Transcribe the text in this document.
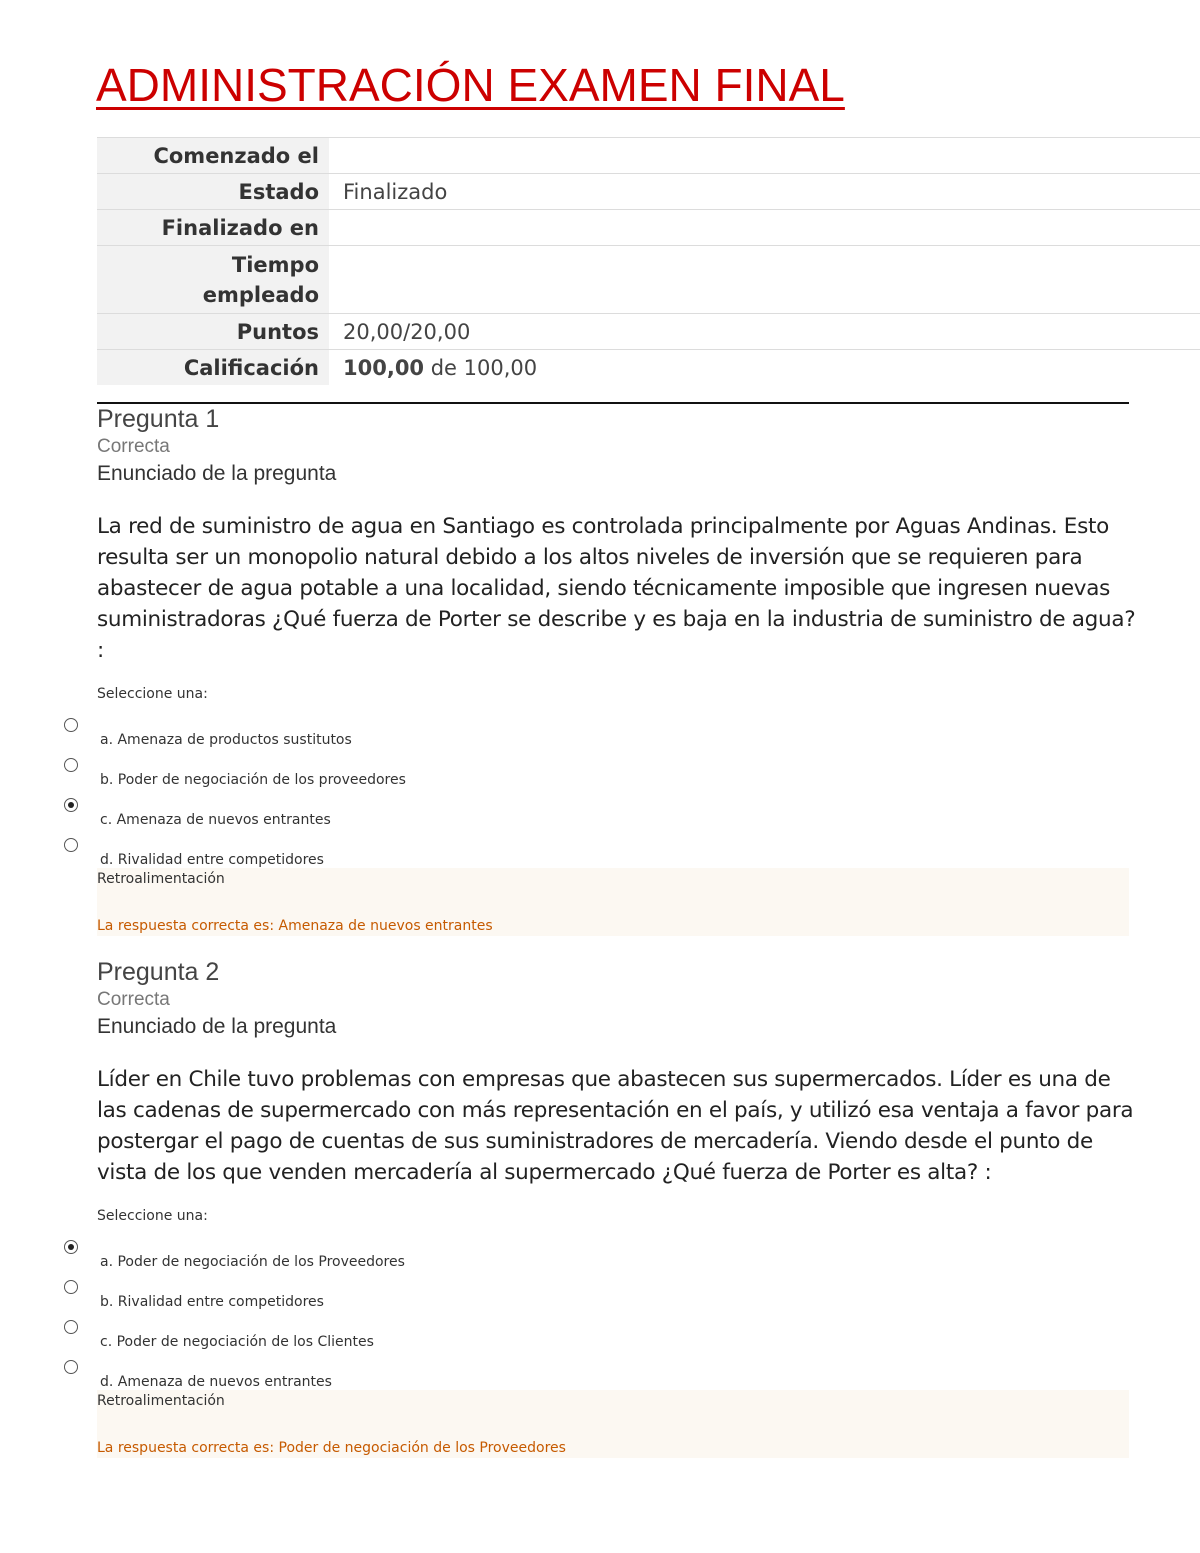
ADMINISTRACIÓN EXAMEN FINAL
Comenzado el	
Estado	Finalizado
Finalizado en	
Tiempo
empleado	
Puntos	20,00/20,00
Calificación	100,00 de 100,00
Pregunta 1
Correcta
Enunciado de la pregunta
La red de suministro de agua en Santiago es controlada principalmente por Aguas Andinas. Esto resulta ser un monopolio natural debido a los altos niveles de inversión que se requieren para abastecer de agua potable a una localidad, siendo técnicamente imposible que ingresen nuevas suministradoras ¿Qué fuerza de Porter se describe y es baja en la industria de suministro de agua? :
Seleccione una:
a. Amenaza de productos sustitutos
b. Poder de negociación de los proveedores
c. Amenaza de nuevos entrantes
d. Rivalidad entre competidores
Retroalimentación
La respuesta correcta es: Amenaza de nuevos entrantes
Pregunta 2
Correcta
Enunciado de la pregunta
Líder en Chile tuvo problemas con empresas que abastecen sus supermercados. Líder es una de las cadenas de supermercado con más representación en el país, y utilizó esa ventaja a favor para postergar el pago de cuentas de sus suministradores de mercadería. Viendo desde el punto de vista de los que venden mercadería al supermercado ¿Qué fuerza de Porter es alta? :
Seleccione una:
a. Poder de negociación de los Proveedores
b. Rivalidad entre competidores
c. Poder de negociación de los Clientes
d. Amenaza de nuevos entrantes
Retroalimentación
La respuesta correcta es: Poder de negociación de los Proveedores
